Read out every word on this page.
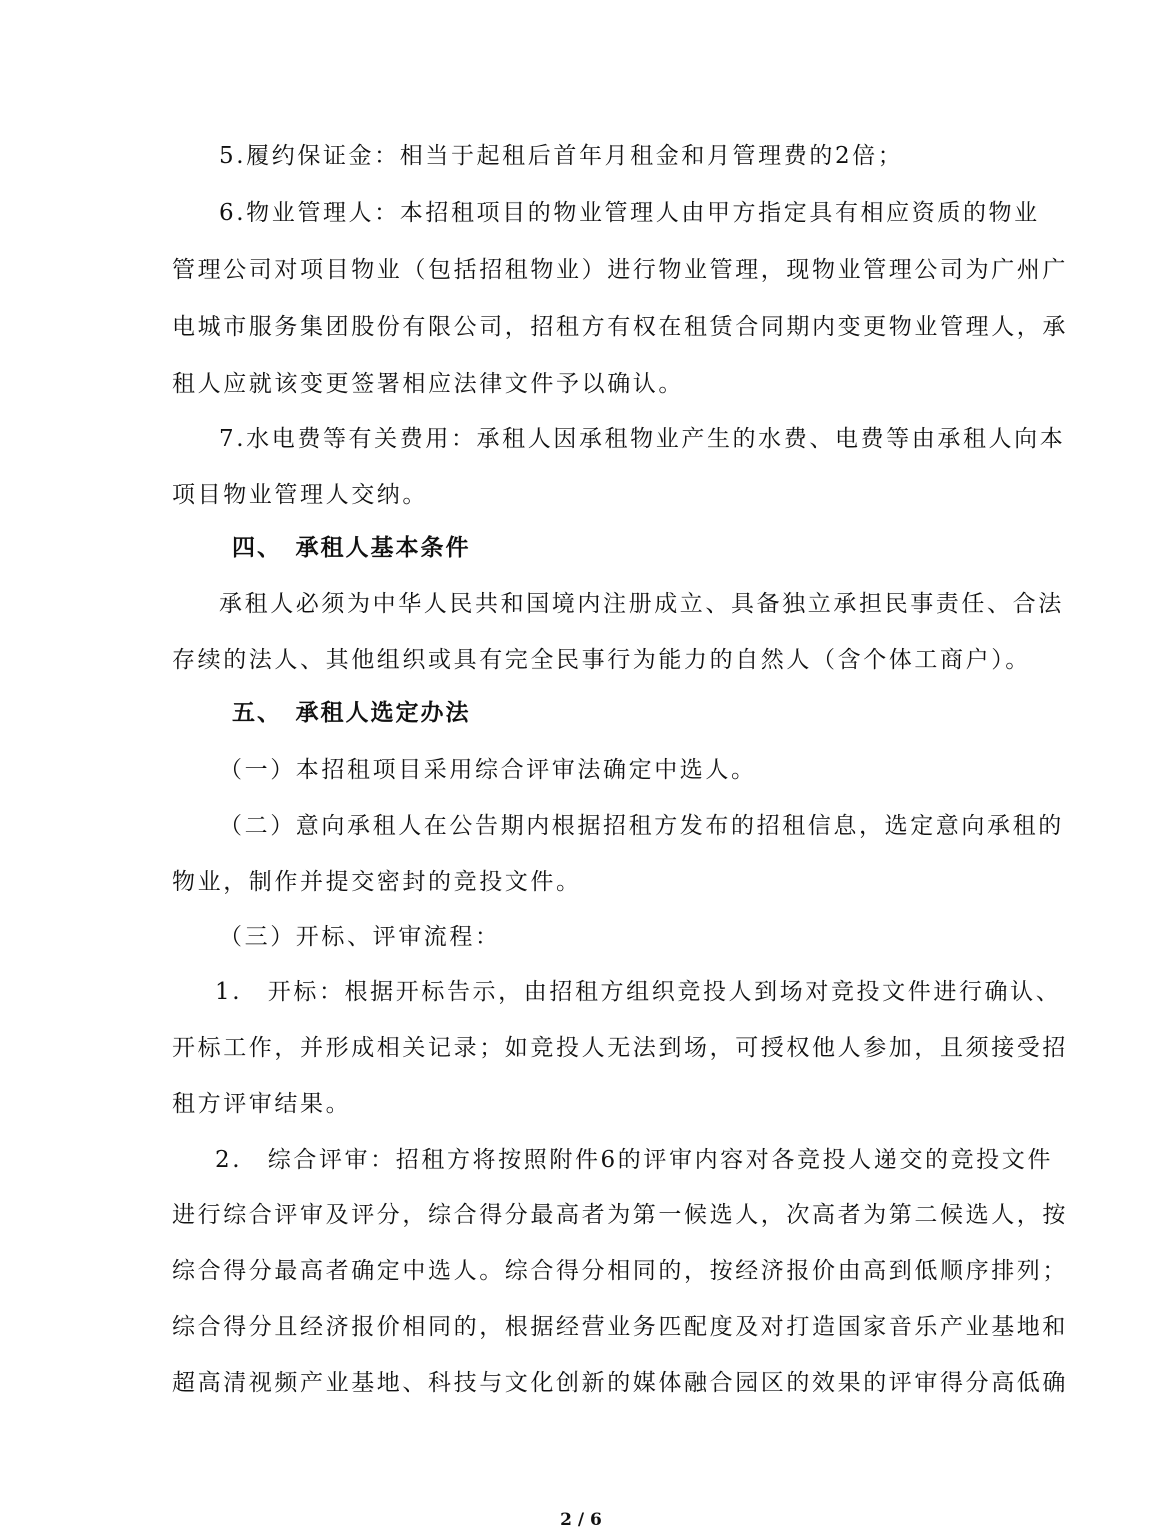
5.履约保证金：相当于起租后首年月租金和月管理费的2倍；
6.物业管理人：本招租项目的物业管理人由甲方指定具有相应资质的物业
管理公司对项目物业（包括招租物业）进行物业管理，现物业管理公司为广州广
电城市服务集团股份有限公司，招租方有权在租赁合同期内变更物业管理人，承
租人应就该变更签署相应法律文件予以确认。
7.水电费等有关费用：承租人因承租物业产生的水费、电费等由承租人向本
项目物业管理人交纳。
四、　承租人基本条件
承租人必须为中华人民共和国境内注册成立、具备独立承担民事责任、合法
存续的法人、其他组织或具有完全民事行为能力的自然人（含个体工商户）。
五、　承租人选定办法
（一）本招租项目采用综合评审法确定中选人。
（二）意向承租人在公告期内根据招租方发布的招租信息，选定意向承租的
物业，制作并提交密封的竞投文件。
（三）开标、评审流程：
1.　开标：根据开标告示，由招租方组织竞投人到场对竞投文件进行确认、
开标工作，并形成相关记录；如竞投人无法到场，可授权他人参加，且须接受招
租方评审结果。
2.　综合评审：招租方将按照附件6的评审内容对各竞投人递交的竞投文件
进行综合评审及评分，综合得分最高者为第一候选人，次高者为第二候选人，按
综合得分最高者确定中选人。综合得分相同的，按经济报价由高到低顺序排列；
综合得分且经济报价相同的，根据经营业务匹配度及对打造国家音乐产业基地和
超高清视频产业基地、科技与文化创新的媒体融合园区的效果的评审得分高低确
2 / 6
